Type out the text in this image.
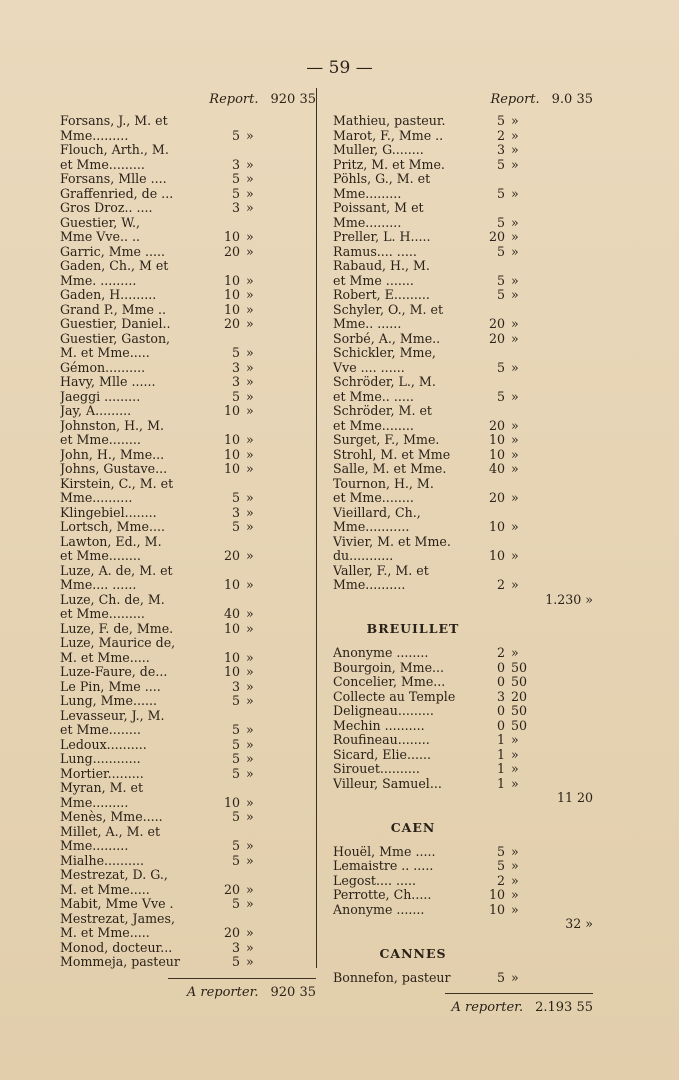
— 59 —
Report. 920 35
Forsans, J., M. et
Mme.........	5 »
Flouch, Arth., M.
et Mme.........	3 »
Forsans, Mlle ....	5 »
Graffenried, de ...	5 »
Gros Droz.. ....	3 »
Guestier, W.,
Mme Vve.. ..	10 »
Garric, Mme .....	20 »
Gaden, Ch., M et
Mme. .........	10 »
Gaden, H.........	10 »
Grand P., Mme ..	10 »
Guestier, Daniel..	20 »
Guestier, Gaston,
M. et Mme.....	5 »
Gémon..........	3 »
Havy, Mlle ......	3 »
Jaeggi .........	5 »
Jay, A.........	10 »
Johnston, H., M.
et Mme........	10 »
John, H., Mme...	10 »
Johns, Gustave...	10 »
Kirstein, C., M. et
Mme..........	5 »
Klingebiel........	3 »
Lortsch, Mme....	5 »
Lawton, Ed., M.
et Mme........	20 »
Luze, A. de, M. et
Mme.... ......	10 »
Luze, Ch. de, M.
et Mme.........	40 »
Luze, F. de, Mme.	10 »
Luze, Maurice de,
M. et Mme.....	10 »
Luze-Faure, de...	10 »
Le Pin, Mme ....	3 »
Lung, Mme......	5 »
Levasseur, J., M.
et Mme........	5 »
Ledoux..........	5 »
Lung............	5 »
Mortier.........	5 »
Myran, M. et
Mme.........	10 »
Menès, Mme.....	5 »
Millet, A., M. et
Mme.........	5 »
Mialhe..........	5 »
Mestrezat, D. G.,
M. et Mme.....	20 »
Mabit, Mme Vve .	5 »
Mestrezat, James,
M. et Mme.....	20 »
Monod, docteur...	3 »
Mommeja, pasteur	5 »
A reporter. 920 35
Report. 9.0 35
Mathieu, pasteur.	5 »
Marot, F., Mme ..	2 »
Muller, G........	3 »
Pritz, M. et Mme.	5 »
Pöhls, G., M. et
Mme.........	5 »
Poissant, M et
Mme.........	5 »
Preller, L. H.....	20 »
Ramus.... .....	5 »
Rabaud, H., M.
et Mme .......	5 »
Robert, E.........	5 »
Schyler, O., M. et
Mme.. ......	20 »
Sorbé, A., Mme..	20 »
Schickler, Mme,
Vve .... ......	5 »
Schröder, L., M.
et Mme.. .....	5 »
Schröder, M. et
et Mme........	20 »
Surget, F., Mme.	10 »
Strohl, M. et Mme	10 »
Salle, M. et Mme.	40 »
Tournon, H., M.
et Mme........	20 »
Vieillard, Ch.,
Mme...........	10 »
Vivier, M. et Mme.
du...........	10 »
Valler, F., M. et
Mme..........	2 »
1.230 »
BREUILLET
Anonyme ........	2 »
Bourgoin, Mme...	0 50
Concelier, Mme...	0 50
Collecte au Temple	3 20
Deligneau.........	0 50
Mechin ..........	0 50
Roufineau........	1 »
Sicard, Elie......	1 »
Sirouet..........	1 »
Villeur, Samuel...	1 »
11 20
CAEN
Houël, Mme .....	5 »
Lemaistre .. .....	5 »
Legost.... .....	2 »
Perrotte, Ch.....	10 »
Anonyme .......	10 »
32 »
CANNES
Bonnefon, pasteur	5 »
A reporter. 2.193 55
